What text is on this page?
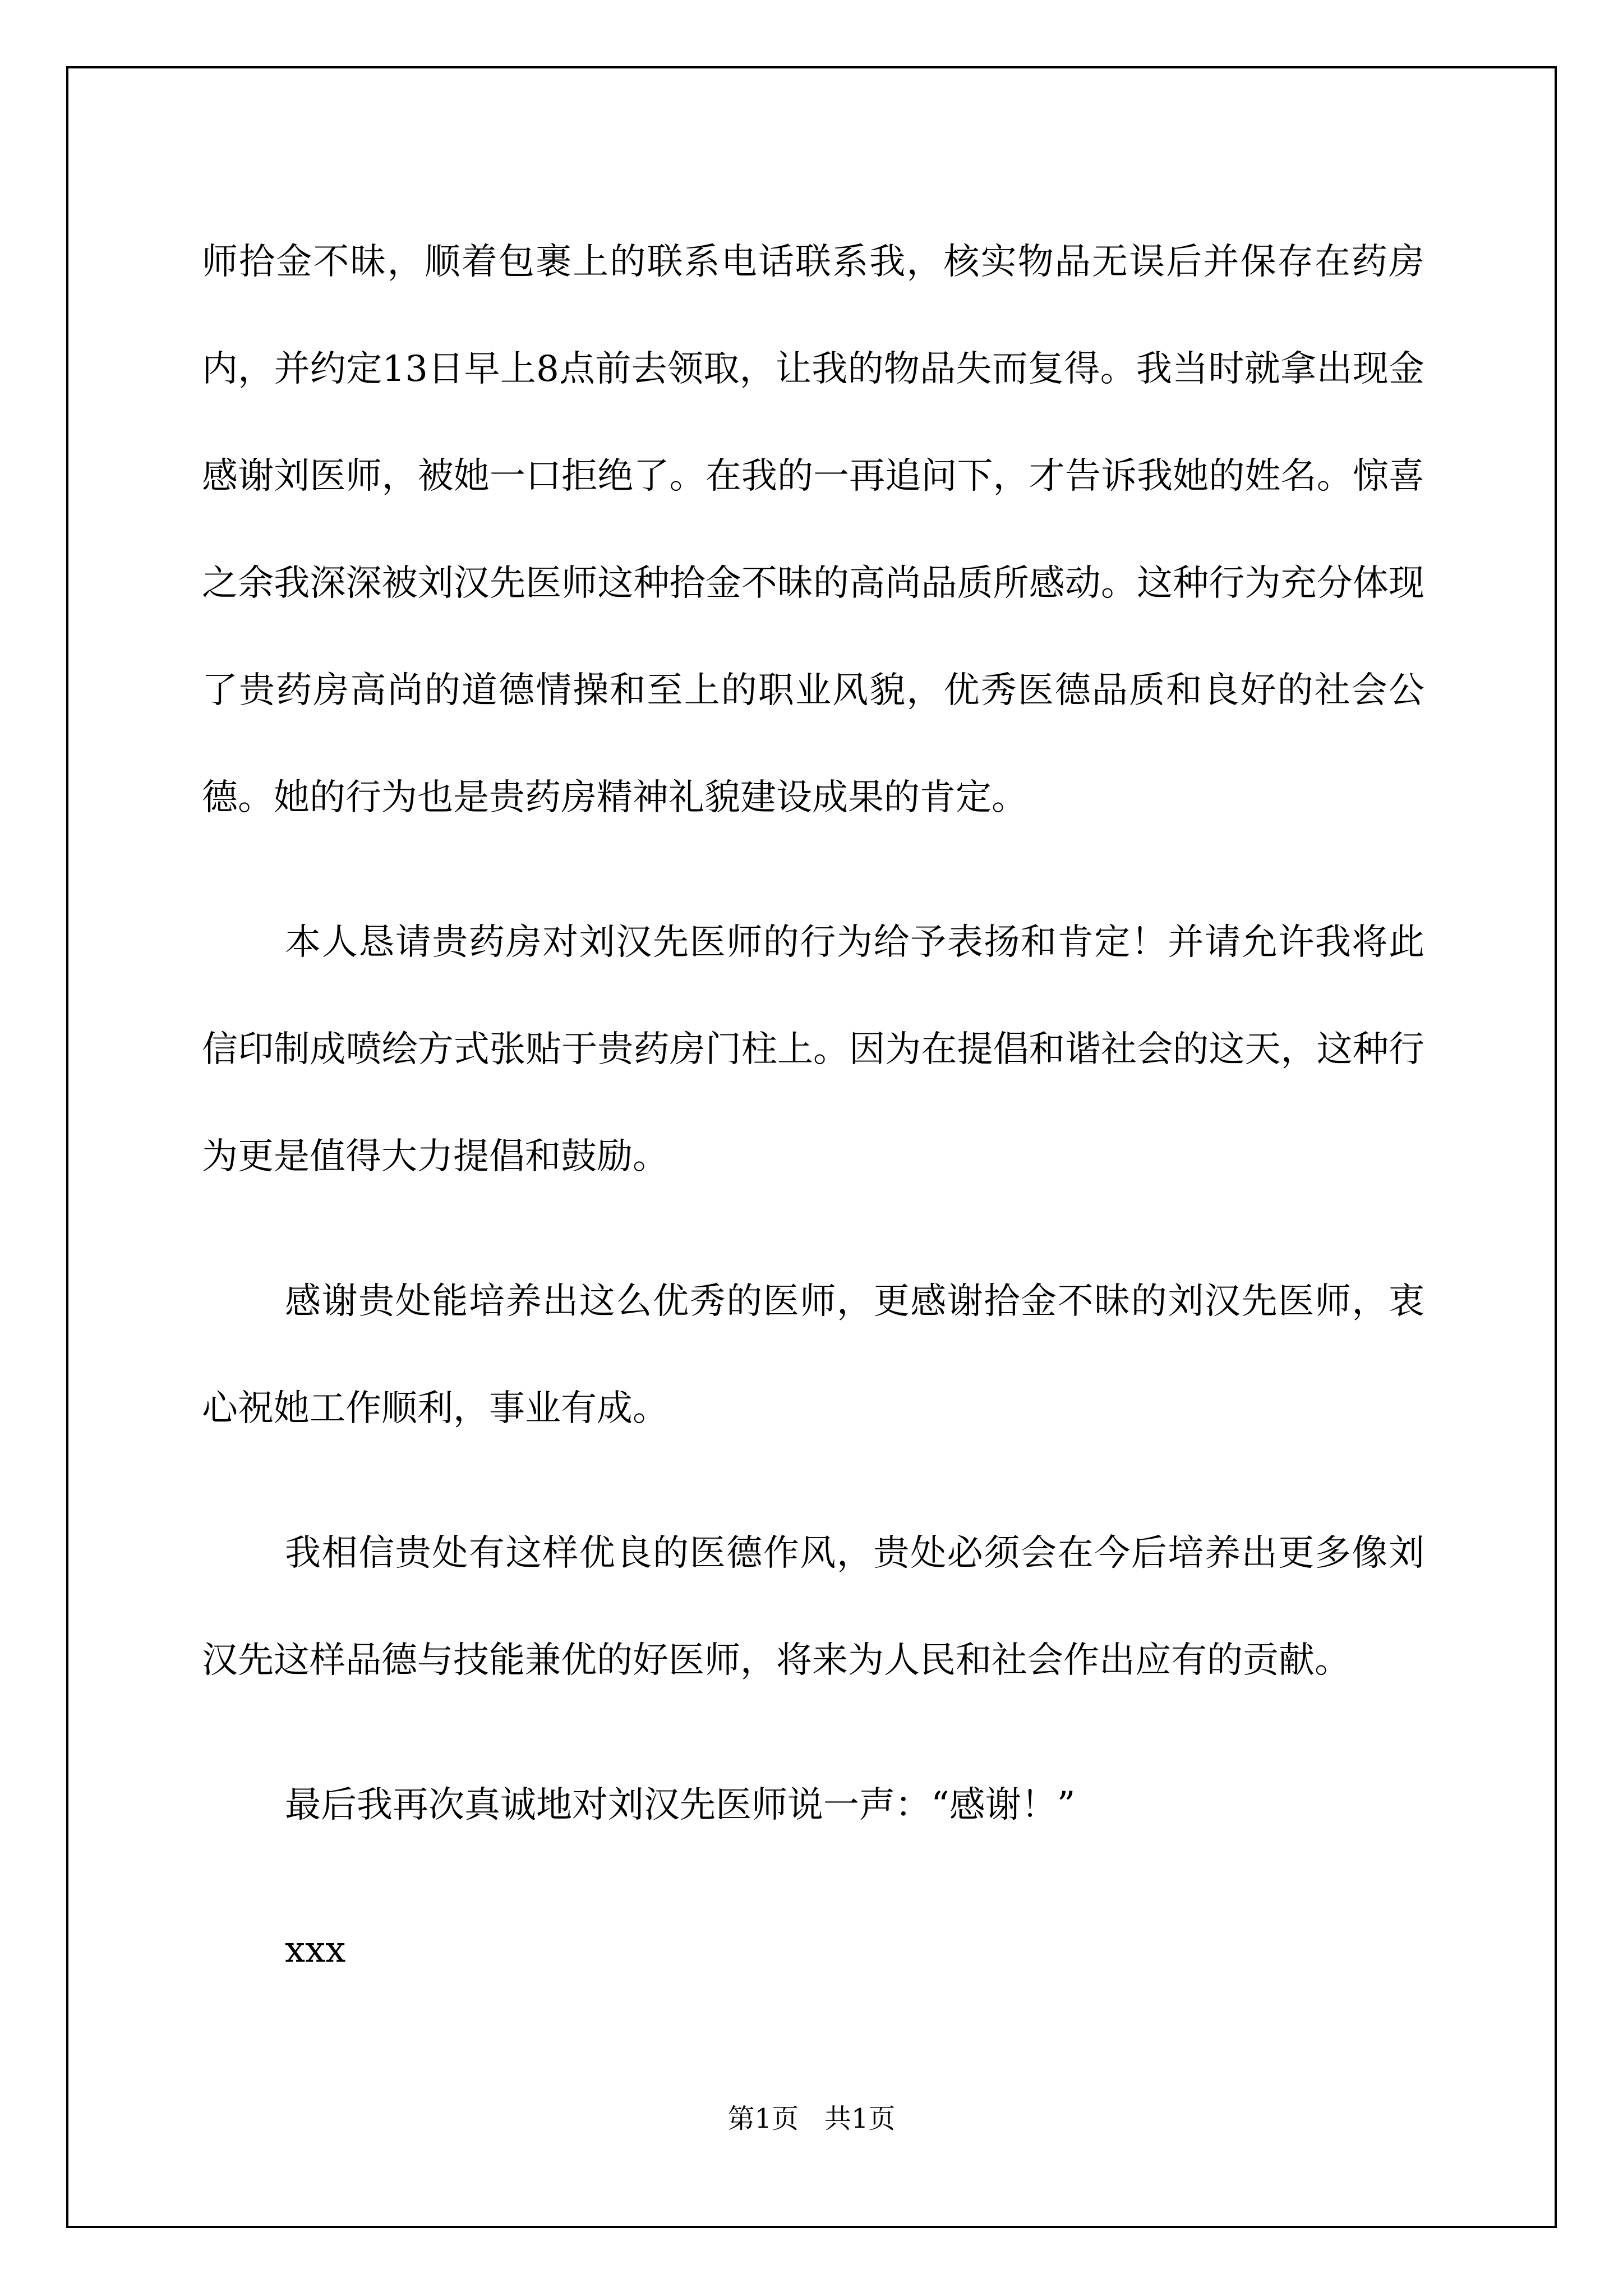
师拾金不昧，顺着包裹上的联系电话联系我，核实物品无误后并保存在药房内，并约定13日早上8点前去领取，让我的物品失而复得。我当时就拿出现金感谢刘医师，被她一口拒绝了。在我的一再追问下，才告诉我她的姓名。惊喜之余我深深被刘汉先医师这种拾金不昧的高尚品质所感动。这种行为充分体现了贵药房高尚的道德情操和至上的职业风貌，优秀医德品质和良好的社会公德。她的行为也是贵药房精神礼貌建设成果的肯定。

本人恳请贵药房对刘汉先医师的行为给予表扬和肯定！并请允许我将此信印制成喷绘方式张贴于贵药房门柱上。因为在提倡和谐社会的这天，这种行为更是值得大力提倡和鼓励。

感谢贵处能培养出这么优秀的医师，更感谢拾金不昧的刘汉先医师，衷心祝她工作顺利，事业有成。

我相信贵处有这样优良的医德作风，贵处必须会在今后培养出更多像刘汉先这样品德与技能兼优的好医师，将来为人民和社会作出应有的贡献。

最后我再次真诚地对刘汉先医师说一声：“感谢！”

xxx

第1页   共1页
